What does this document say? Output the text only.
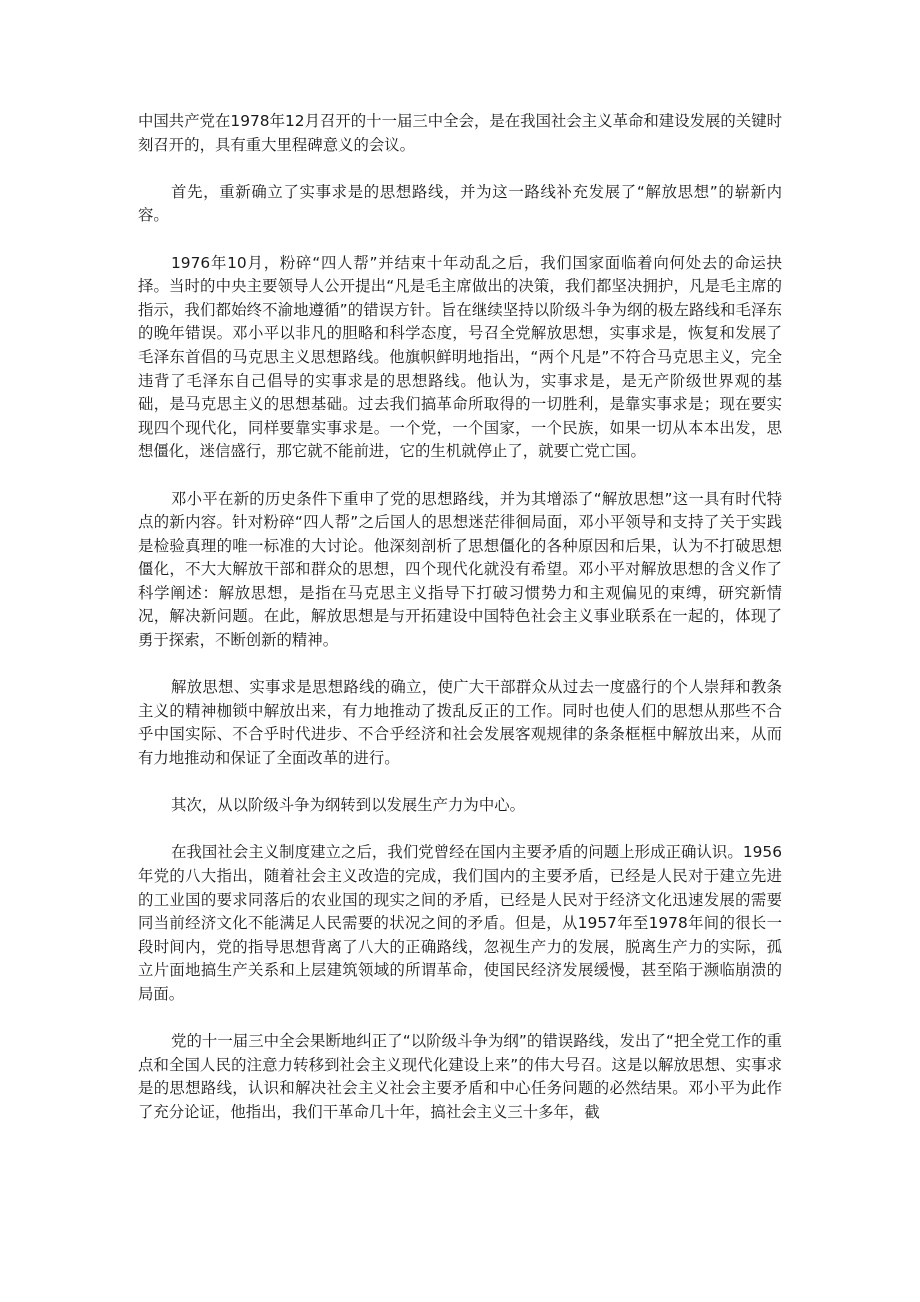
中国共产党在1978年12月召开的十一届三中全会，是在我国社会主义革命和建设发展的关键时刻召开的，具有重大里程碑意义的会议。

首先，重新确立了实事求是的思想路线，并为这一路线补充发展了“解放思想”的崭新内容。

1976年10月，粉碎“四人帮”并结束十年动乱之后，我们国家面临着向何处去的命运抉择。当时的中央主要领导人公开提出“凡是毛主席做出的决策，我们都坚决拥护，凡是毛主席的指示，我们都始终不渝地遵循”的错误方针。旨在继续坚持以阶级斗争为纲的极左路线和毛泽东的晚年错误。邓小平以非凡的胆略和科学态度，号召全党解放思想，实事求是，恢复和发展了毛泽东首倡的马克思主义思想路线。他旗帜鲜明地指出，“两个凡是”不符合马克思主义，完全违背了毛泽东自己倡导的实事求是的思想路线。他认为，实事求是，是无产阶级世界观的基础，是马克思主义的思想基础。过去我们搞革命所取得的一切胜利，是靠实事求是；现在要实现四个现代化，同样要靠实事求是。一个党，一个国家，一个民族，如果一切从本本出发，思想僵化，迷信盛行，那它就不能前进，它的生机就停止了，就要亡党亡国。

邓小平在新的历史条件下重申了党的思想路线，并为其增添了“解放思想”这一具有时代特点的新内容。针对粉碎“四人帮”之后国人的思想迷茫徘徊局面，邓小平领导和支持了关于实践是检验真理的唯一标准的大讨论。他深刻剖析了思想僵化的各种原因和后果，认为不打破思想僵化，不大大解放干部和群众的思想，四个现代化就没有希望。邓小平对解放思想的含义作了科学阐述：解放思想，是指在马克思主义指导下打破习惯势力和主观偏见的束缚，研究新情况，解决新问题。在此，解放思想是与开拓建设中国特色社会主义事业联系在一起的，体现了勇于探索，不断创新的精神。

解放思想、实事求是思想路线的确立，使广大干部群众从过去一度盛行的个人崇拜和教条主义的精神枷锁中解放出来，有力地推动了拨乱反正的工作。同时也使人们的思想从那些不合乎中国实际、不合乎时代进步、不合乎经济和社会发展客观规律的条条框框中解放出来，从而有力地推动和保证了全面改革的进行。

其次，从以阶级斗争为纲转到以发展生产力为中心。

在我国社会主义制度建立之后，我们党曾经在国内主要矛盾的问题上形成正确认识。1956年党的八大指出，随着社会主义改造的完成，我们国内的主要矛盾，已经是人民对于建立先进的工业国的要求同落后的农业国的现实之间的矛盾，已经是人民对于经济文化迅速发展的需要同当前经济文化不能满足人民需要的状况之间的矛盾。但是，从1957年至1978年间的很长一段时间内，党的指导思想背离了八大的正确路线，忽视生产力的发展，脱离生产力的实际，孤立片面地搞生产关系和上层建筑领域的所谓革命，使国民经济发展缓慢，甚至陷于濒临崩溃的局面。

党的十一届三中全会果断地纠正了“以阶级斗争为纲”的错误路线，发出了“把全党工作的重点和全国人民的注意力转移到社会主义现代化建设上来”的伟大号召。这是以解放思想、实事求是的思想路线，认识和解决社会主义社会主要矛盾和中心任务问题的必然结果。邓小平为此作了充分论证，他指出，我们干革命几十年，搞社会主义三十多年，截
